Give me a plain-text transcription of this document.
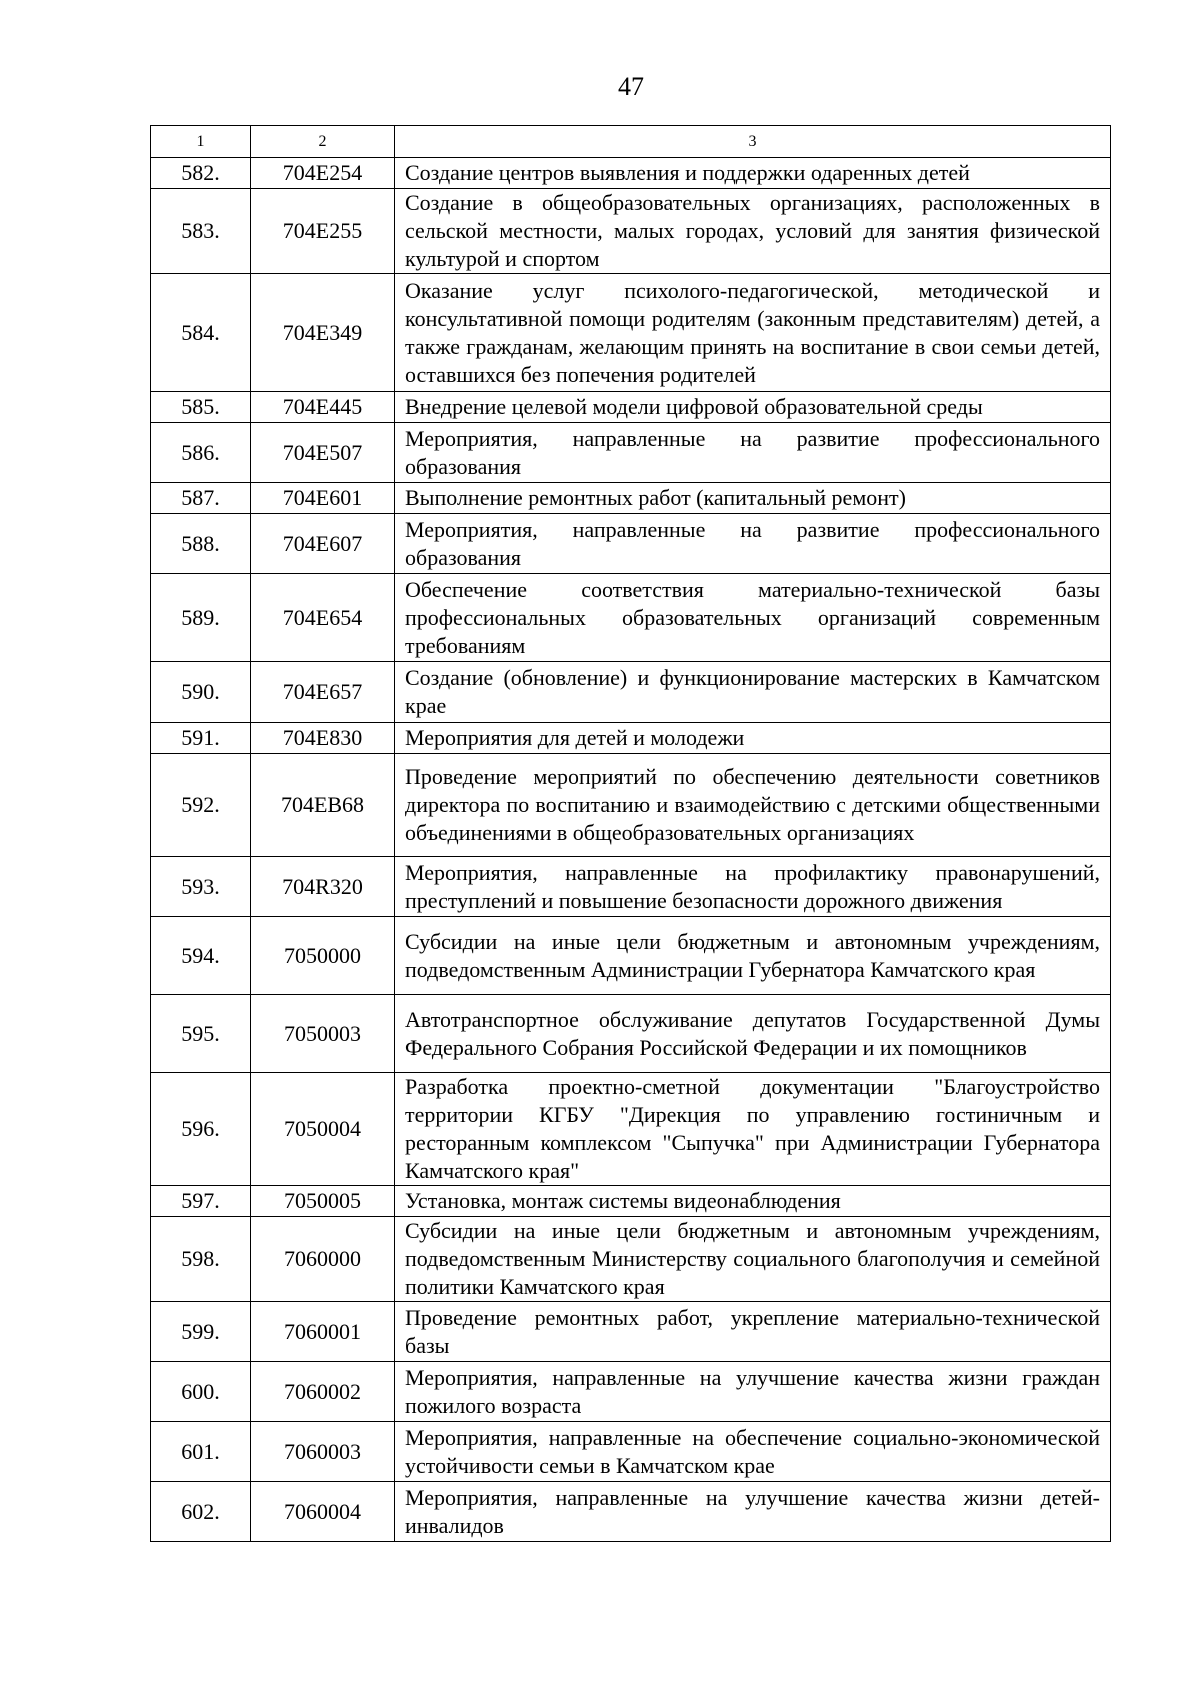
47
1	2	3
582.	704E254	Создание центров выявления и поддержки одаренных детей
583.	704E255	Создание в общеобразовательных организациях, расположенных в сельской местности, малых городах, условий для занятия физической культурой и спортом
584.	704E349	Оказание услуг психолого-педагогической, методической и консультативной помощи родителям (законным представителям) детей, а также гражданам, желающим принять на воспитание в свои семьи детей, оставшихся без попечения родителей
585.	704E445	Внедрение целевой модели цифровой образовательной среды
586.	704E507	Мероприятия, направленные на развитие профессионального образования
587.	704E601	Выполнение ремонтных работ (капитальный ремонт)
588.	704E607	Мероприятия, направленные на развитие профессионального образования
589.	704E654	Обеспечение соответствия материально-технической базы профессиональных образовательных организаций современным требованиям
590.	704E657	Создание (обновление) и функционирование мастерских в Камчатском крае
591.	704E830	Мероприятия для детей и молодежи
592.	704EB68	Проведение мероприятий по обеспечению деятельности советников директора по воспитанию и взаимодействию с детскими общественными объединениями в общеобразовательных организациях
593.	704R320	Мероприятия, направленные на профилактику правонарушений, преступлений и повышение безопасности дорожного движения
594.	7050000	Субсидии на иные цели бюджетным и автономным учреждениям, подведомственным Администрации Губернатора Камчатского края
595.	7050003	Автотранспортное обслуживание депутатов Государственной Думы Федерального Собрания Российской Федерации и их помощников
596.	7050004	Разработка проектно-сметной документации "Благоустройство территории КГБУ "Дирекция по управлению гостиничным и ресторанным комплексом "Сыпучка" при Администрации Губернатора Камчатского края"
597.	7050005	Установка, монтаж системы видеонаблюдения
598.	7060000	Субсидии на иные цели бюджетным и автономным учреждениям, подведомственным Министерству социального благополучия и семейной политики Камчатского края
599.	7060001	Проведение ремонтных работ, укрепление материально-технической базы
600.	7060002	Мероприятия, направленные на улучшение качества жизни граждан пожилого возраста
601.	7060003	Мероприятия, направленные на обеспечение социально-экономической устойчивости семьи в Камчатском крае
602.	7060004	Мероприятия, направленные на улучшение качества жизни детей-инвалидов
